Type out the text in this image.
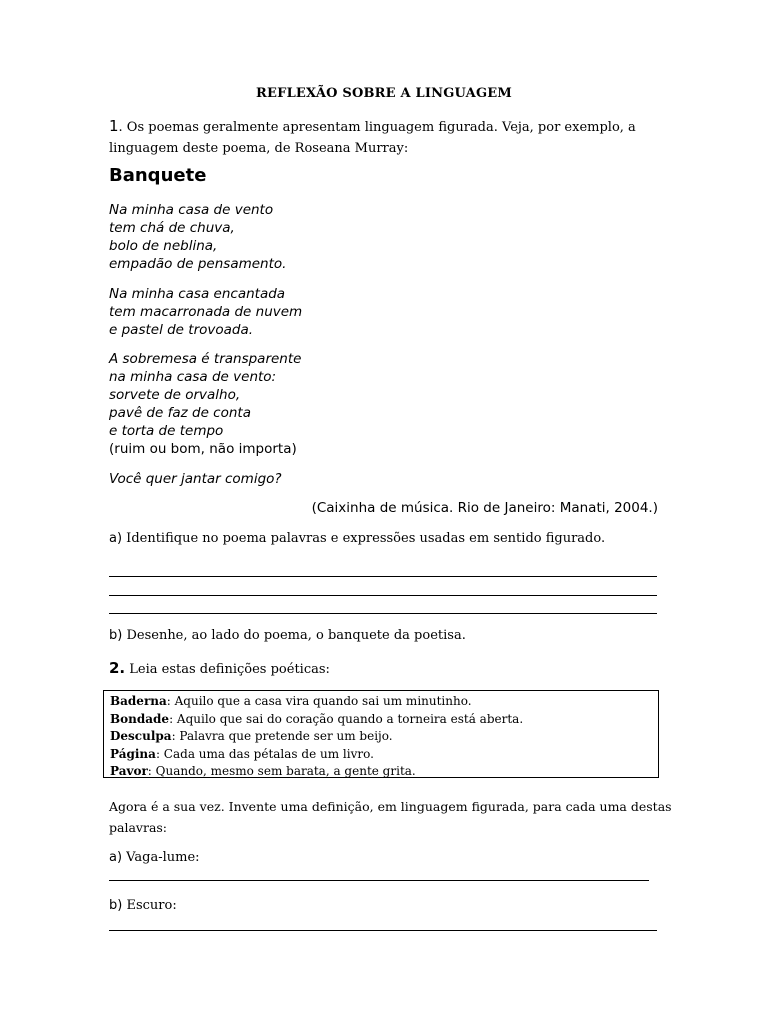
REFLEXÃO SOBRE A LINGUAGEM
1. Os poemas geralmente apresentam linguagem figurada. Veja, por exemplo, a
linguagem deste poema, de Roseana Murray:
Banquete
Na minha casa de vento
tem chá de chuva,
bolo de neblina,
empadão de pensamento.
Na minha casa encantada
tem macarronada de nuvem
e pastel de trovoada.
A sobremesa é transparente
na minha casa de vento:
sorvete de orvalho,
pavê de faz de conta
e torta de tempo
(ruim ou bom, não importa)
Você quer jantar comigo?
(Caixinha de música. Rio de Janeiro: Manati, 2004.)
a) Identifique no poema palavras e expressões usadas em sentido figurado.
b) Desenhe, ao lado do poema, o banquete da poetisa.
2. Leia estas definições poéticas:
Baderna: Aquilo que a casa vira quando sai um minutinho.
Bondade: Aquilo que sai do coração quando a torneira está aberta.
Desculpa: Palavra que pretende ser um beijo.
Página: Cada uma das pétalas de um livro.
Pavor: Quando, mesmo sem barata, a gente grita.
Agora é a sua vez. Invente uma definição, em linguagem figurada, para cada uma destas
palavras:
a) Vaga-lume:
b) Escuro:
